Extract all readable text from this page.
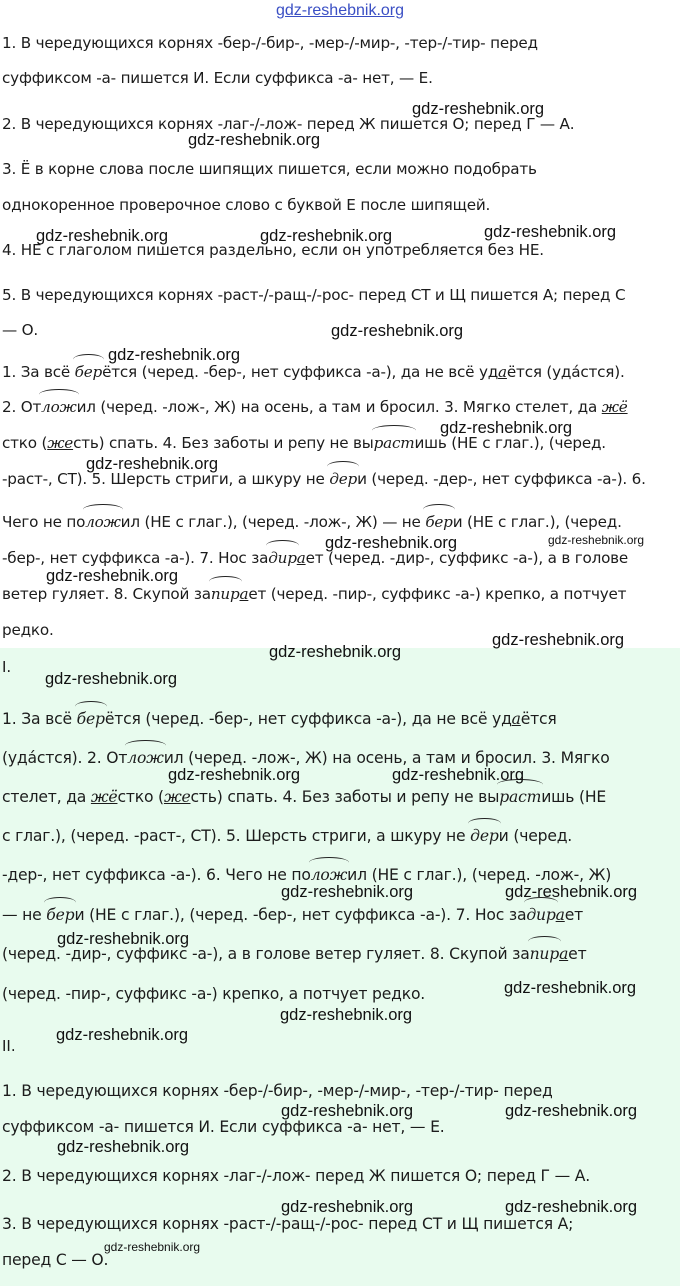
gdz-reshebnik.org
1. В чередующихся корнях -бер-/-бир-, -мер-/-мир-, -тер-/-тир- перед
суффиксом -а- пишется И. Если суффикса -а- нет, — Е.
2. В чередующихся корнях -лаг-/-лож- перед Ж пишется О; перед Г — А.
3. Ё в корне слова после шипящих пишется, если можно подобрать
однокоренное проверочное слово с буквой Е после шипящей.
4. НЕ с глаголом пишется раздельно, если он употребляется без НЕ.
5. В чередующихся корнях -раст-/-ращ-/-рос- перед СТ и Щ пишется А; перед С
— О.
1. За всё берётся (черед. -бер-, нет суффикса -а-), да не всё удаётся (уда́стся).
2. Отложил (черед. -лож-, Ж) на осень, а там и бросил. 3. Мягко стелет, да жё
стко (жесть) спать. 4. Без заботы и репу не вырастишь (НЕ с глаг.), (черед.
-раст-, СТ). 5. Шерсть стриги, а шкуру не дери (черед. -дер-, нет суффикса -а-). 6.
Чего не положил (НЕ с глаг.), (черед. -лож-, Ж) — не бери (НЕ с глаг.), (черед.
-бер-, нет суффикса -а-). 7. Нос задирает (черед. -дир-, суффикс -а-), а в голове
ветер гуляет. 8. Скупой запирает (черед. -пир-, суффикс -а-) крепко, а потчует
редко.
I.
1. За всё берётся (черед. -бер-, нет суффикса -а-), да не всё удаётся
(уда́стся). 2. Отложил (черед. -лож-, Ж) на осень, а там и бросил. 3. Мягко
стелет, да жёстко (жесть) спать. 4. Без заботы и репу не вырастишь (НЕ
с глаг.), (черед. -раст-, СТ). 5. Шерсть стриги, а шкуру не дери (черед.
-дер-, нет суффикса -а-). 6. Чего не положил (НЕ с глаг.), (черед. -лож-, Ж)
— не бери (НЕ с глаг.), (черед. -бер-, нет суффикса -а-). 7. Нос задирает
(черед. -дир-, суффикс -а-), а в голове ветер гуляет. 8. Скупой запирает
(черед. -пир-, суффикс -а-) крепко, а потчует редко.
II.
1. В чередующихся корнях -бер-/-бир-, -мер-/-мир-, -тер-/-тир- перед
суффиксом -а- пишется И. Если суффикса -а- нет, — Е.
2. В чередующихся корнях -лаг-/-лож- перед Ж пишется О; перед Г — А.
3. В чередующихся корнях -раст-/-ращ-/-рос- перед СТ и Щ пишется А;
перед С — О.
gdz-reshebnik.org
gdz-reshebnik.org
gdz-reshebnik.org	gdz-reshebnik.org	gdz-reshebnik.org
gdz-reshebnik.org
gdz-reshebnik.org
gdz-reshebnik.org
gdz-reshebnik.org
gdz-reshebnik.org	gdz-reshebnik.org
gdz-reshebnik.org
gdz-reshebnik.org
gdz-reshebnik.org
gdz-reshebnik.org
gdz-reshebnik.org	gdz-reshebnik.org
gdz-reshebnik.org	gdz-reshebnik.org
gdz-reshebnik.org
gdz-reshebnik.org
gdz-reshebnik.org
gdz-reshebnik.org
gdz-reshebnik.org	gdz-reshebnik.org
gdz-reshebnik.org
gdz-reshebnik.org	gdz-reshebnik.org
gdz-reshebnik.org
